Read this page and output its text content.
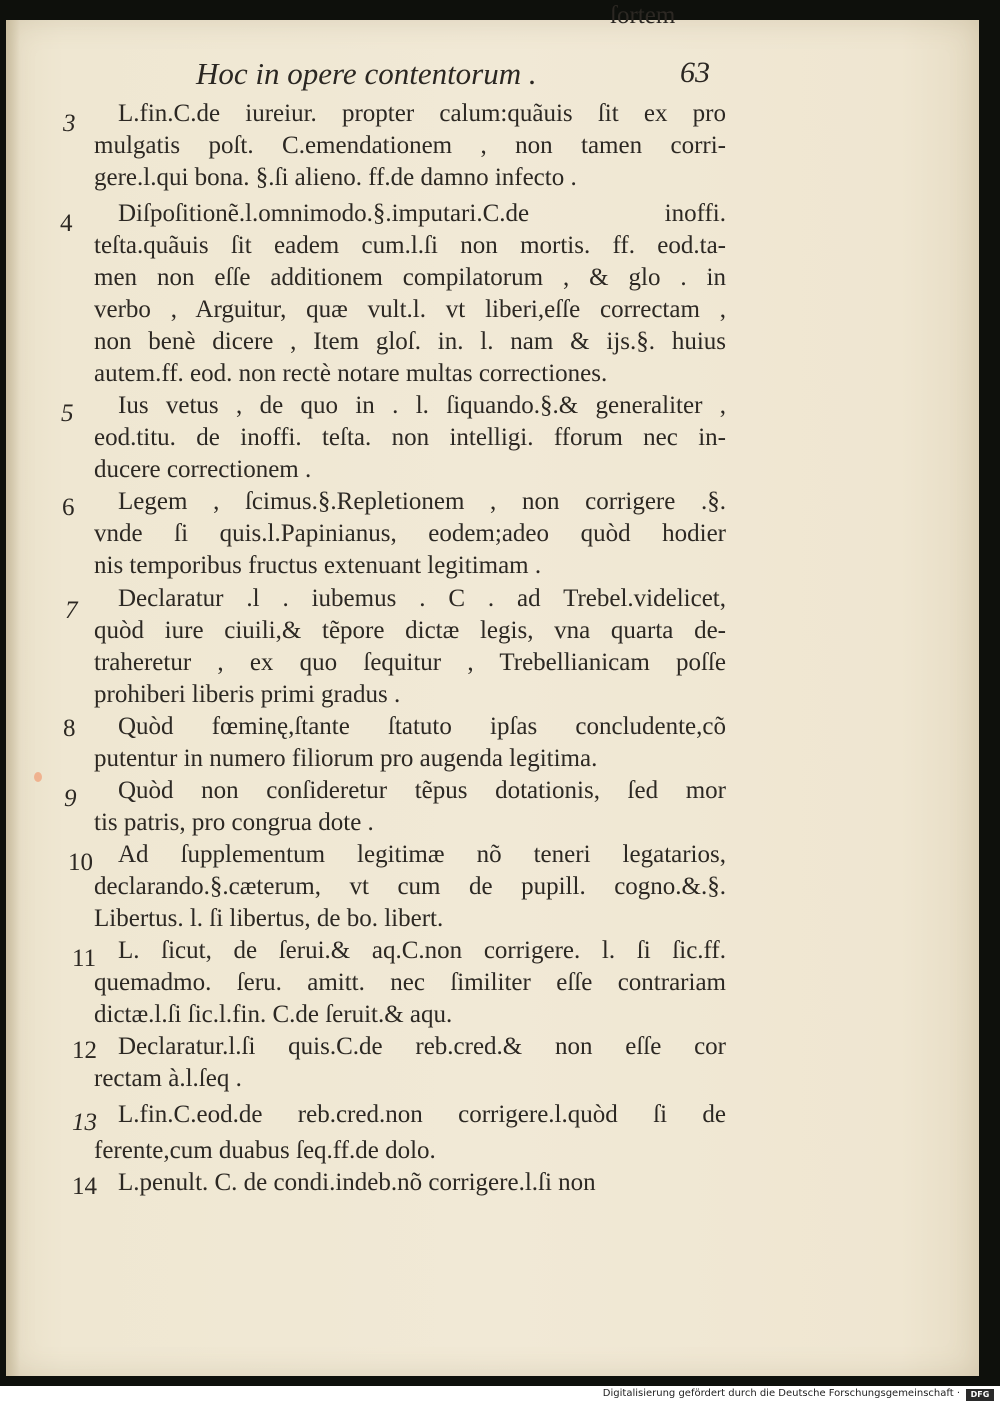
Hoc in opere contentorum .	63
3	L.fin.C.de iureiur. propter calum:quãuis ſit ex pro
mulgatis poſt. C.emendationem , non tamen corri-
gere.l.qui bona. §.ſi alieno. ff.de damno infecto .
4	Diſpoſitionẽ.l.omnimodo.§.imputari.C.de inoffi.
teſta.quãuis ſit eadem cum.l.ſi non mortis. ff. eod.ta-
men non eſſe additionem compilatorum , & glo . in
verbo , Arguitur, quæ vult.l. vt liberi,eſſe correctam ,
non benè dicere , Item gloſ. in. l. nam & ijs.§. huius
autem.ff. eod. non rectè notare multas correctiones.
5	Ius vetus , de quo in . l. ſiquando.§.& generaliter ,
eod.titu. de inoffi. teſta. non intelligi. fforum nec in-
ducere correctionem .
6	Legem , ſcimus.§.Repletionem , non corrigere .§.
vnde ſi quis.l.Papinianus, eodem;adeo quòd hodier
nis temporibus fructus extenuant legitimam .
7	Declaratur .l . iubemus . C . ad Trebel.videlicet,
quòd iure ciuili,& tẽpore dictæ legis, vna quarta de-
traheretur , ex quo ſequitur , Trebellianicam poſſe
prohiberi liberis primi gradus .
8	Quòd fœminę,ſtante ſtatuto ipſas concludente,cõ
putentur in numero filiorum pro augenda legitima.
9	Quòd non conſideretur tẽpus dotationis, ſed mor
tis patris, pro congrua dote .
10	Ad ſupplementum legitimæ nõ teneri legatarios,
declarando.§.cæterum, vt cum de pupill. cogno.&.§.
Libertus. l. ſi libertus, de bo. libert.
11 L. ſicut, de ſerui.& aq.C.non corrigere. l. ſi ſic.ff.
quemadmo. ſeru. amitt. nec ſimiliter eſſe contrariam
dictæ.l.ſi ſic.l.fin. C.de ſeruit.& aqu.
12 Declaratur.l.ſi quis.C.de reb.cred.& non eſſe cor
rectam à.l.ſeq .
13 L.fin.C.eod.de reb.cred.non corrigere.l.quòd ſi de
ferente,cum duabus ſeq.ff.de dolo.
14 L.penult. C. de condi.indeb.nõ corrigere.l.ſi non
ſortem
Digitalisierung gefördert durch die Deutsche Forschungsgemeinschaft ·	DFG
